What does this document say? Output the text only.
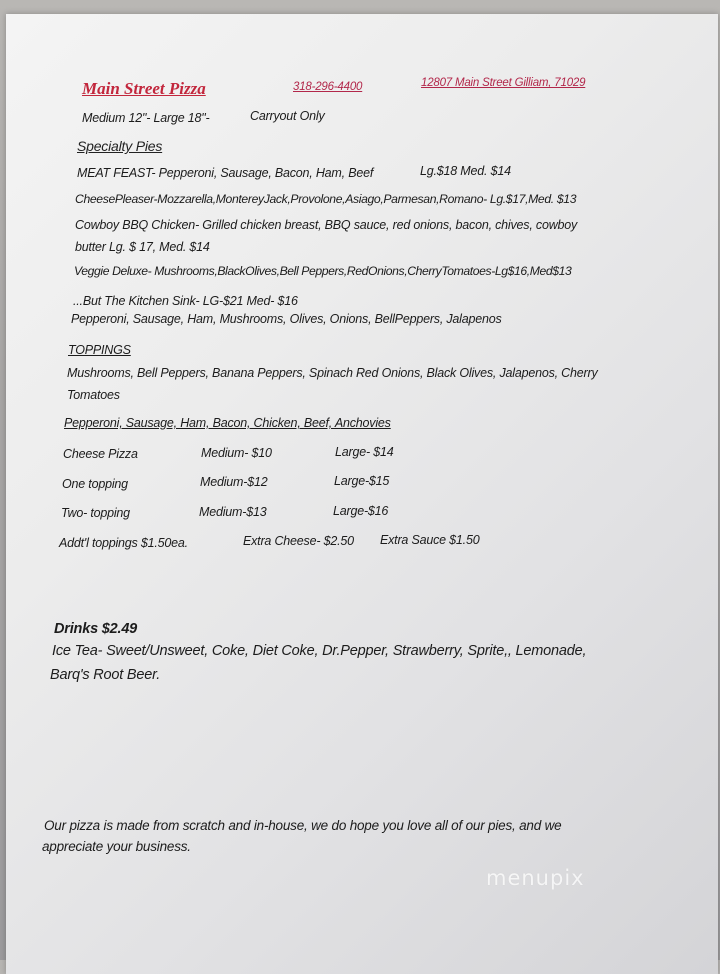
Main Street Pizza	318-296-4400	12807 Main Street Gilliam, 71029
Medium 12"- Large 18"-	Carryout Only
Specialty Pies
MEAT FEAST- Pepperoni, Sausage, Bacon, Ham, Beef	Lg.$18 Med. $14
CheesePleaser-Mozzarella,MontereyJack,Provolone,Asiago,Parmesan,Romano- Lg.$17,Med. $13
Cowboy BBQ Chicken- Grilled chicken breast, BBQ sauce, red onions, bacon, chives, cowboy
butter Lg. $ 17, Med. $14
Veggie Deluxe- Mushrooms,BlackOlives,Bell Peppers,RedOnions,CherryTomatoes-Lg$16,Med$13
...But The Kitchen Sink- LG-$21 Med- $16
Pepperoni, Sausage, Ham, Mushrooms, Olives, Onions, BellPeppers, Jalapenos
TOPPINGS
Mushrooms, Bell Peppers, Banana Peppers, Spinach Red Onions, Black Olives, Jalapenos, Cherry
Tomatoes
Pepperoni, Sausage, Ham, Bacon, Chicken, Beef, Anchovies
Cheese Pizza	Medium- $10	Large- $14
One topping	Medium-$12	Large-$15
Two- topping	Medium-$13	Large-$16
Addt'l toppings $1.50ea.	Extra Cheese- $2.50 Extra Sauce $1.50
Drinks $2.49
Ice Tea- Sweet/Unsweet, Coke, Diet Coke, Dr.Pepper, Strawberry, Sprite,, Lemonade,
Barq's Root Beer.
Our pizza is made from scratch and in-house, we do hope you love all of our pies, and we
appreciate your business.
menupix
